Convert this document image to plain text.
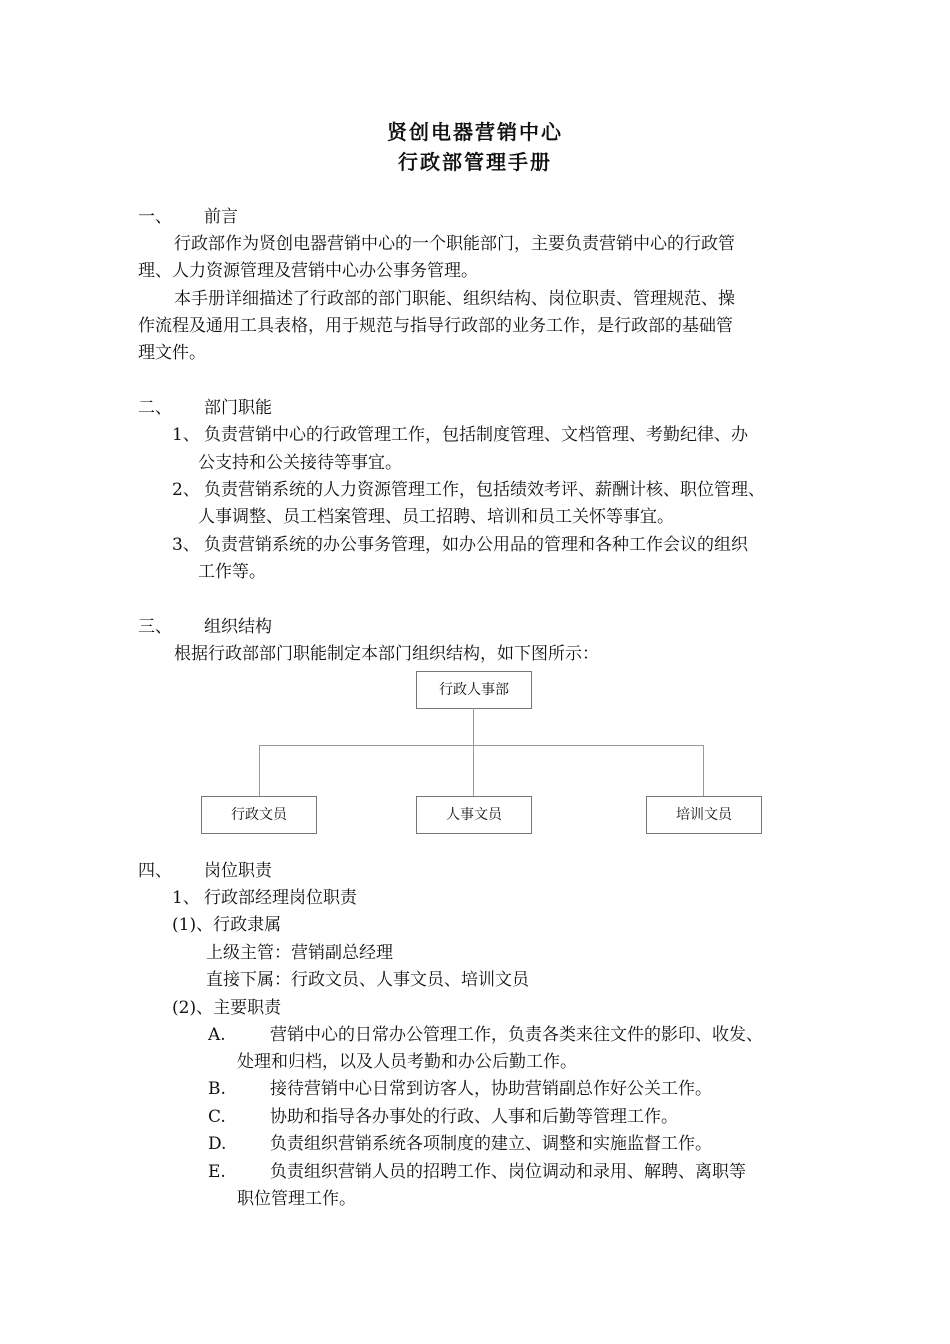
贤创电器营销中心
行政部管理手册
一、 前言
行政部作为贤创电器营销中心的一个职能部门，主要负责营销中心的行政管
理、人力资源管理及营销中心办公事务管理。
本手册详细描述了行政部的部门职能、组织结构、岗位职责、管理规范、操
作流程及通用工具表格，用于规范与指导行政部的业务工作，是行政部的基础管
理文件。
二、 部门职能
1、 负责营销中心的行政管理工作，包括制度管理、文档管理、考勤纪律、办
公支持和公关接待等事宜。
2、 负责营销系统的人力资源管理工作，包括绩效考评、薪酬计核、职位管理、
人事调整、员工档案管理、员工招聘、培训和员工关怀等事宜。
3、 负责营销系统的办公事务管理，如办公用品的管理和各种工作会议的组织
工作等。
三、 组织结构
根据行政部部门职能制定本部门组织结构，如下图所示：
行政人事部
行政文员	人事文员	培训文员
四、 岗位职责
1、 行政部经理岗位职责
(1)、行政隶属
上级主管：营销副总经理
直接下属：行政文员、人事文员、培训文员
(2)、主要职责
A.	营销中心的日常办公管理工作，负责各类来往文件的影印、收发、
处理和归档，以及人员考勤和办公后勤工作。
B.	接待营销中心日常到访客人，协助营销副总作好公关工作。
C.	协助和指导各办事处的行政、人事和后勤等管理工作。
D.	负责组织营销系统各项制度的建立、调整和实施监督工作。
E.	负责组织营销人员的招聘工作、岗位调动和录用、解聘、离职等
职位管理工作。
